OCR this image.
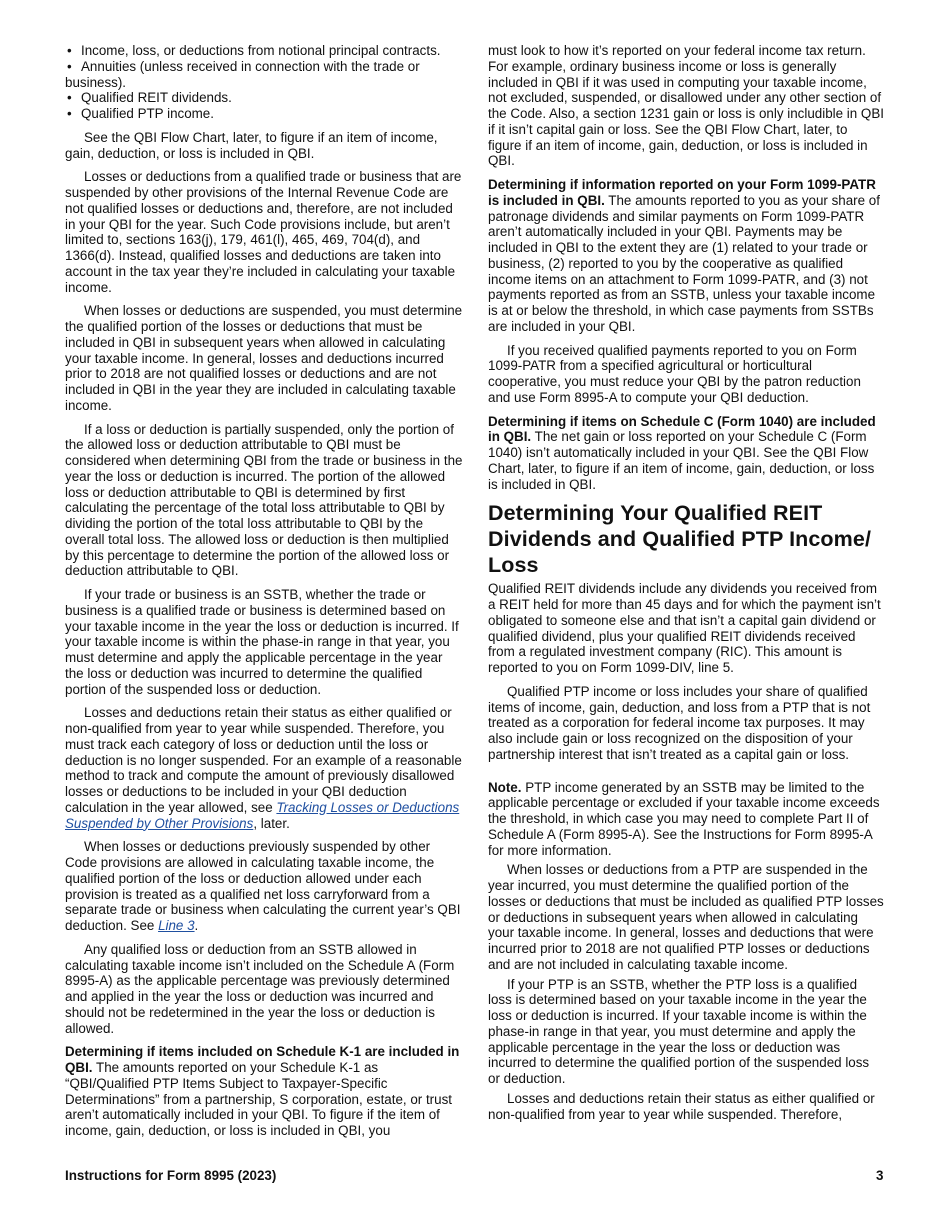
• Income, loss, or deductions from notional principal contracts.

• Annuities (unless received in connection with the trade or business).

• Qualified REIT dividends.

• Qualified PTP income.

See the QBI Flow Chart, later, to figure if an item of income, gain, deduction, or loss is included in QBI.

Losses or deductions from a qualified trade or business that are suspended by other provisions of the Internal Revenue Code are not qualified losses or deductions and, therefore, are not included in your QBI for the year. Such Code provisions include, but aren’t limited to, sections 163(j), 179, 461(l), 465, 469, 704(d), and 1366(d). Instead, qualified losses and deductions are taken into account in the tax year they’re included in calculating your taxable income.

When losses or deductions are suspended, you must determine the qualified portion of the losses or deductions that must be included in QBI in subsequent years when allowed in calculating your taxable income. In general, losses and deductions incurred prior to 2018 are not qualified losses or deductions and are not included in QBI in the year they are included in calculating taxable income.

If a loss or deduction is partially suspended, only the portion of the allowed loss or deduction attributable to QBI must be considered when determining QBI from the trade or business in the year the loss or deduction is incurred. The portion of the allowed loss or deduction attributable to QBI is determined by first calculating the percentage of the total loss attributable to QBI by dividing the portion of the total loss attributable to QBI by the overall total loss. The allowed loss or deduction is then multiplied by this percentage to determine the portion of the allowed loss or deduction attributable to QBI.

If your trade or business is an SSTB, whether the trade or business is a qualified trade or business is determined based on your taxable income in the year the loss or deduction is incurred. If your taxable income is within the phase-in range in that year, you must determine and apply the applicable percentage in the year the loss or deduction was incurred to determine the qualified portion of the suspended loss or deduction.

Losses and deductions retain their status as either qualified or non-qualified from year to year while suspended. Therefore, you must track each category of loss or deduction until the loss or deduction is no longer suspended. For an example of a reasonable method to track and compute the amount of previously disallowed losses or deductions to be included in your QBI deduction calculation in the year allowed, see Tracking Losses or Deductions Suspended by Other Provisions, later.

When losses or deductions previously suspended by other Code provisions are allowed in calculating taxable income, the qualified portion of the loss or deduction allowed under each provision is treated as a qualified net loss carryforward from a separate trade or business when calculating the current year’s QBI deduction. See Line 3.

Any qualified loss or deduction from an SSTB allowed in calculating taxable income isn’t included on the Schedule A (Form 8995-A) as the applicable percentage was previously determined and applied in the year the loss or deduction was incurred and should not be redetermined in the year the loss or deduction is allowed.

Determining if items included on Schedule K-1 are included in QBI. The amounts reported on your Schedule K-1 as “QBI/Qualified PTP Items Subject to Taxpayer-Specific Determinations” from a partnership, S corporation, estate, or trust aren’t automatically included in your QBI. To figure if the item of income, gain, deduction, or loss is included in QBI, you

must look to how it’s reported on your federal income tax return. For example, ordinary business income or loss is generally included in QBI if it was used in computing your taxable income, not excluded, suspended, or disallowed under any other section of the Code. Also, a section 1231 gain or loss is only includible in QBI if it isn’t capital gain or loss. See the QBI Flow Chart, later, to figure if an item of income, gain, deduction, or loss is included in QBI.

Determining if information reported on your Form 1099-PATR is included in QBI. The amounts reported to you as your share of patronage dividends and similar payments on Form 1099-PATR aren’t automatically included in your QBI. Payments may be included in QBI to the extent they are (1) related to your trade or business, (2) reported to you by the cooperative as qualified income items on an attachment to Form 1099-PATR, and (3) not payments reported as from an SSTB, unless your taxable income is at or below the threshold, in which case payments from SSTBs are included in your QBI.

If you received qualified payments reported to you on Form 1099-PATR from a specified agricultural or horticultural cooperative, you must reduce your QBI by the patron reduction and use Form 8995-A to compute your QBI deduction.

Determining if items on Schedule C (Form 1040) are included in QBI. The net gain or loss reported on your Schedule C (Form 1040) isn’t automatically included in your QBI. See the QBI Flow Chart, later, to figure if an item of income, gain, deduction, or loss is included in QBI.

Determining Your Qualified REIT Dividends and Qualified PTP Income/ Loss

Qualified REIT dividends include any dividends you received from a REIT held for more than 45 days and for which the payment isn’t obligated to someone else and that isn’t a capital gain dividend or qualified dividend, plus your qualified REIT dividends received from a regulated investment company (RIC). This amount is reported to you on Form 1099-DIV, line 5.

Qualified PTP income or loss includes your share of qualified items of income, gain, deduction, and loss from a PTP that is not treated as a corporation for federal income tax purposes. It may also include gain or loss recognized on the disposition of your partnership interest that isn’t treated as a capital gain or loss.

Note. PTP income generated by an SSTB may be limited to the applicable percentage or excluded if your taxable income exceeds the threshold, in which case you may need to complete Part II of Schedule A (Form 8995-A). See the Instructions for Form 8995-A for more information.

When losses or deductions from a PTP are suspended in the year incurred, you must determine the qualified portion of the losses or deductions that must be included as qualified PTP losses or deductions in subsequent years when allowed in calculating your taxable income. In general, losses and deductions that were incurred prior to 2018 are not qualified PTP losses or deductions and are not included in calculating taxable income.

If your PTP is an SSTB, whether the PTP loss is a qualified loss is determined based on your taxable income in the year the loss or deduction is incurred. If your taxable income is within the phase-in range in that year, you must determine and apply the applicable percentage in the year the loss or deduction was incurred to determine the qualified portion of the suspended loss or deduction.

Losses and deductions retain their status as either qualified or non-qualified from year to year while suspended. Therefore,

Instructions for Form 8995 (2023)	3
